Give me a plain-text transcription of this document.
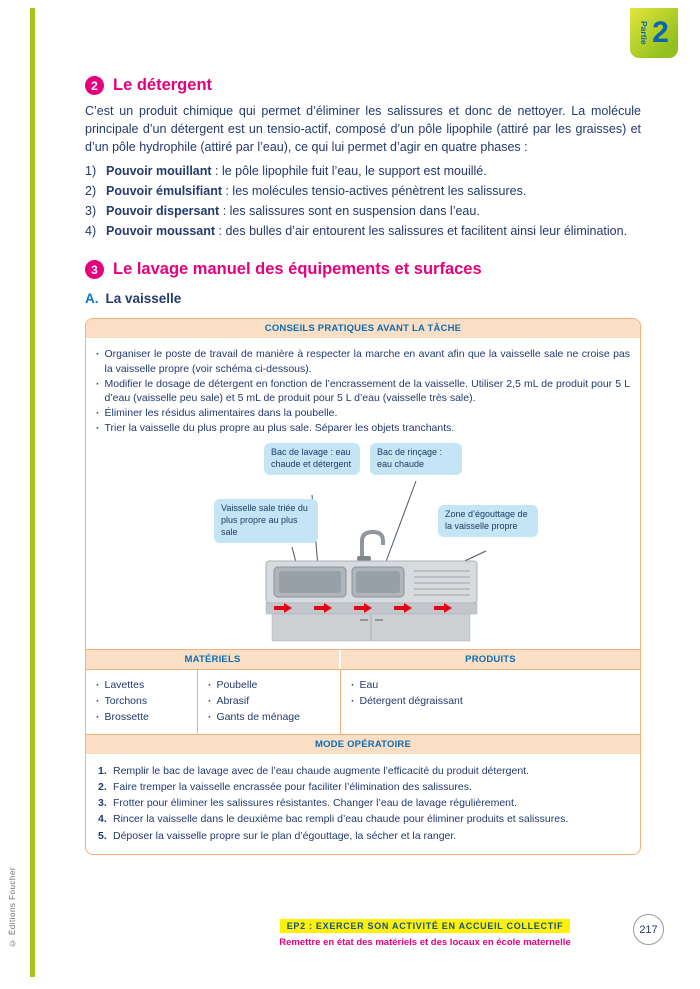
© Éditions Foucher
Partie 2
2 Le détergent

C’est un produit chimique qui permet d’éliminer les salissures et donc de nettoyer. La molécule principale d’un détergent est un tensio-actif, composé d’un pôle lipophile (attiré par les graisses) et d’un pôle hydrophile (attiré par l’eau), ce qui lui permet d’agir en quatre phases :

1) Pouvoir mouillant : le pôle lipophile fuit l’eau, le support est mouillé.
2) Pouvoir émulsifiant : les molécules tensio-actives pénètrent les salissures.
3) Pouvoir dispersant : les salissures sont en suspension dans l’eau.
4) Pouvoir moussant : des bulles d’air entourent les salissures et facilitent ainsi leur élimination.
3 Le lavage manuel des équipements et surfaces
A. La vaisselle
CONSEILS PRATIQUES AVANT LA TÂCHE
· Organiser le poste de travail de manière à respecter la marche en avant afin que la vaisselle sale ne croise pas la vaisselle propre (voir schéma ci-dessous).
· Modifier le dosage de détergent en fonction de l’encrassement de la vaisselle. Utiliser 2,5 mL de produit pour 5 L d’eau (vaisselle peu sale) et 5 mL de produit pour 5 L d’eau (vaisselle très sale).
· Éliminer les résidus alimentaires dans la poubelle.
· Trier la vaisselle du plus propre au plus sale. Séparer les objets tranchants.
Bac de lavage : eau chaude et détergent
Bac de rinçage : eau chaude
Vaisselle sale triée du plus propre au plus sale
Zone d’égouttage de la vaisselle propre
MATÉRIELS	PRODUITS
· Lavettes
· Torchons
· Brossette
· Poubelle
· Abrasif
· Gants de ménage
· Eau
· Détergent dégraissant
MODE OPÉRATOIRE
1. Remplir le bac de lavage avec de l’eau chaude augmente l’efficacité du produit détergent.
2. Faire tremper la vaisselle encrassée pour faciliter l’élimination des salissures.
3. Frotter pour éliminer les salissures résistantes. Changer l’eau de lavage régulièrement.
4. Rincer la vaisselle dans le deuxième bac rempli d’eau chaude pour éliminer produits et salissures.
5. Déposer la vaisselle propre sur le plan d’égouttage, la sécher et la ranger.
EP2 : EXERCER SON ACTIVITÉ EN ACCUEIL COLLECTIF
Remettre en état des matériels et des locaux en école maternelle
217
